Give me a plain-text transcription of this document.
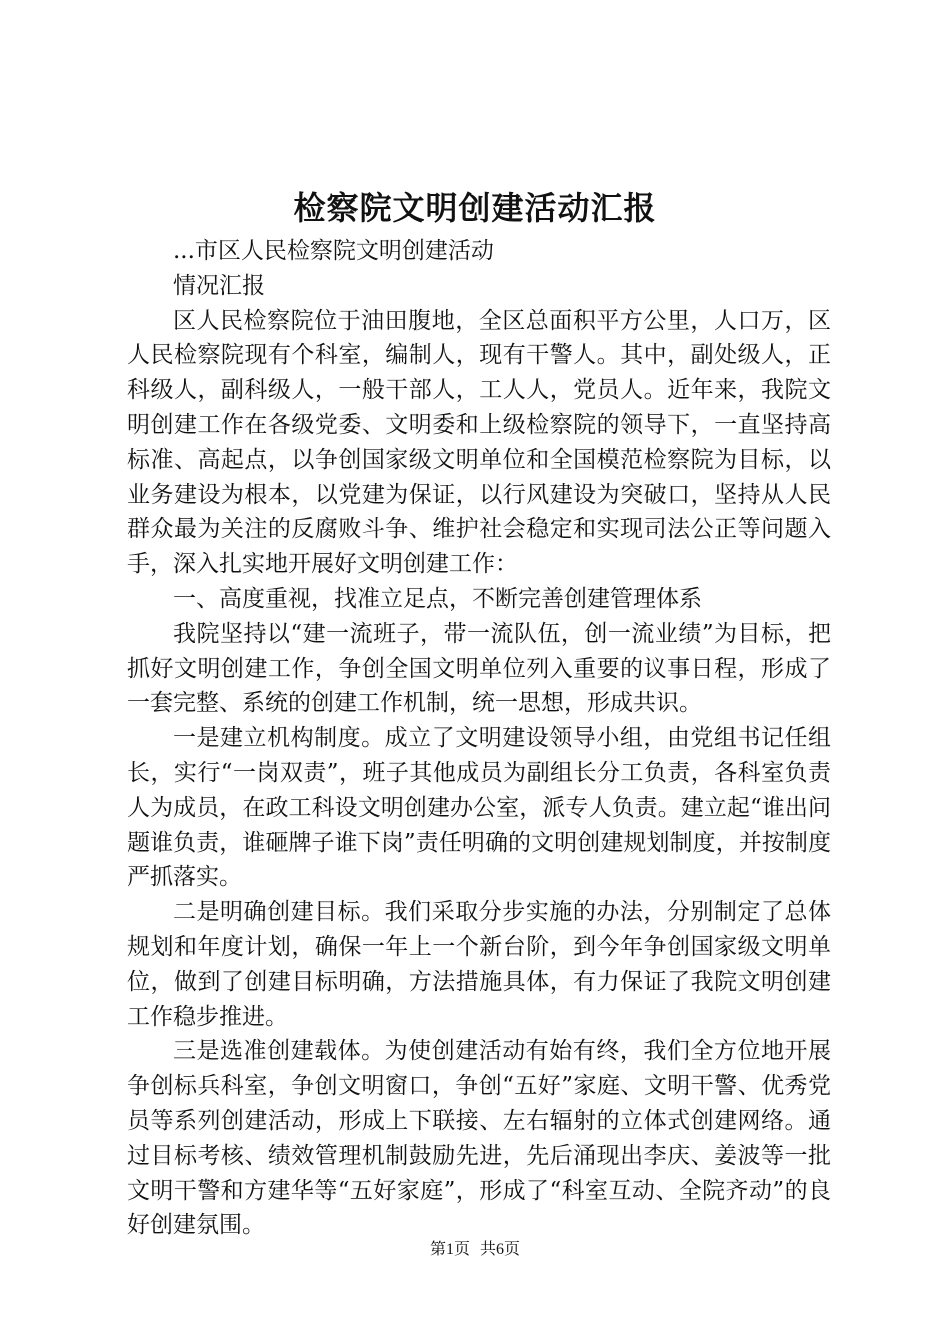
检察院文明创建活动汇报

...市区人民检察院文明创建活动

情况汇报

区人民检察院位于油田腹地，全区总面积平方公里，人口万，区人民检察院现有个科室，编制人，现有干警人。其中，副处级人，正科级人，副科级人，一般干部人，工人人，党员人。近年来，我院文明创建工作在各级党委、文明委和上级检察院的领导下，一直坚持高标准、高起点，以争创国家级文明单位和全国模范检察院为目标，以业务建设为根本，以党建为保证，以行风建设为突破口，坚持从人民群众最为关注的反腐败斗争、维护社会稳定和实现司法公正等问题入手，深入扎实地开展好文明创建工作：

一、高度重视，找准立足点，不断完善创建管理体系

我院坚持以“建一流班子，带一流队伍，创一流业绩”为目标，把抓好文明创建工作，争创全国文明单位列入重要的议事日程，形成了一套完整、系统的创建工作机制，统一思想，形成共识。

一是建立机构制度。成立了文明建设领导小组，由党组书记任组长，实行“一岗双责”，班子其他成员为副组长分工负责，各科室负责人为成员，在政工科设文明创建办公室，派专人负责。建立起“谁出问题谁负责，谁砸牌子谁下岗”责任明确的文明创建规划制度，并按制度严抓落实。

二是明确创建目标。我们采取分步实施的办法，分别制定了总体规划和年度计划，确保一年上一个新台阶，到今年争创国家级文明单位，做到了创建目标明确，方法措施具体，有力保证了我院文明创建工作稳步推进。

三是选准创建载体。为使创建活动有始有终，我们全方位地开展争创标兵科室，争创文明窗口，争创“五好”家庭、文明干警、优秀党员等系列创建活动，形成上下联接、左右辐射的立体式创建网络。通过目标考核、绩效管理机制鼓励先进，先后涌现出李庆、姜波等一批文明干警和方建华等“五好家庭”，形成了“科室互动、全院齐动”的良好创建氛围。

第1页 共6页
